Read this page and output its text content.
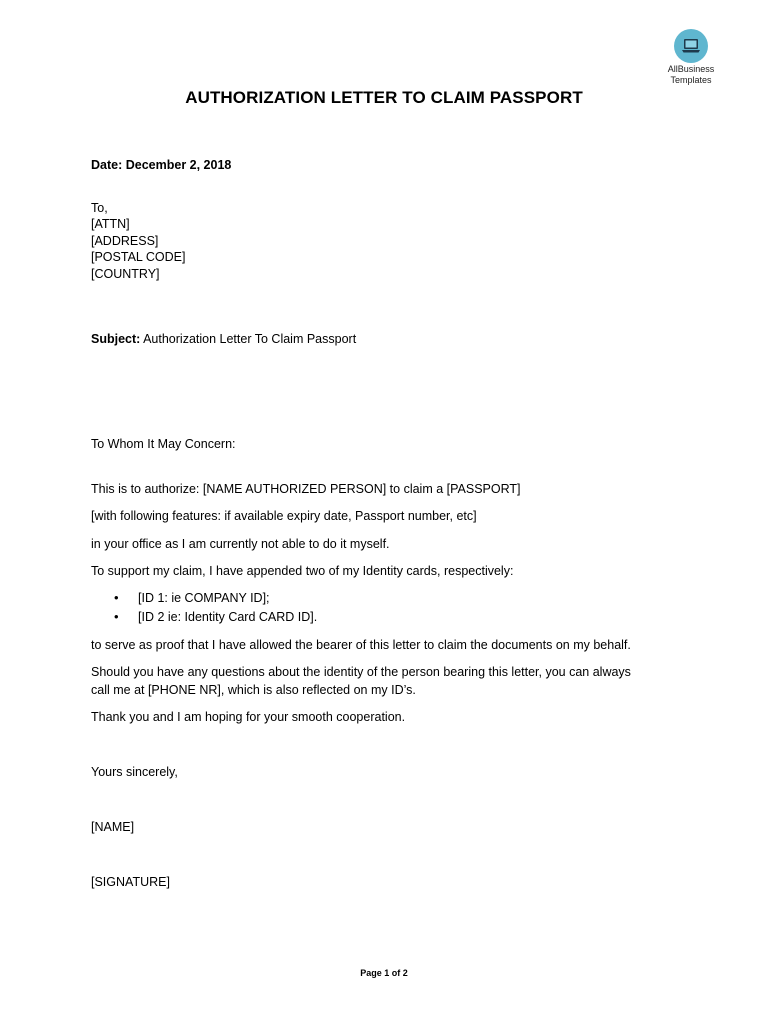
AllBusiness
Templates
AUTHORIZATION LETTER TO CLAIM PASSPORT
Date: December 2, 2018
To,
[ATTN]
[ADDRESS]
[POSTAL CODE]
[COUNTRY]
Subject: Authorization Letter To Claim Passport
To Whom It May Concern:
This is to authorize: [NAME AUTHORIZED PERSON] to claim a [PASSPORT]
[with following features: if available expiry date, Passport number, etc]
in your office as I am currently not able to do it myself.
To support my claim, I have appended two of my Identity cards, respectively:
• [ID 1: ie COMPANY ID];
• [ID 2 ie: Identity Card CARD ID].
to serve as proof that I have allowed the bearer of this letter to claim the documents on my behalf.
Should you have any questions about the identity of the person bearing this letter, you can always
call me at [PHONE NR], which is also reflected on my ID’s.
Thank you and I am hoping for your smooth cooperation.
Yours sincerely,
[NAME]
[SIGNATURE]
Page 1 of 2
